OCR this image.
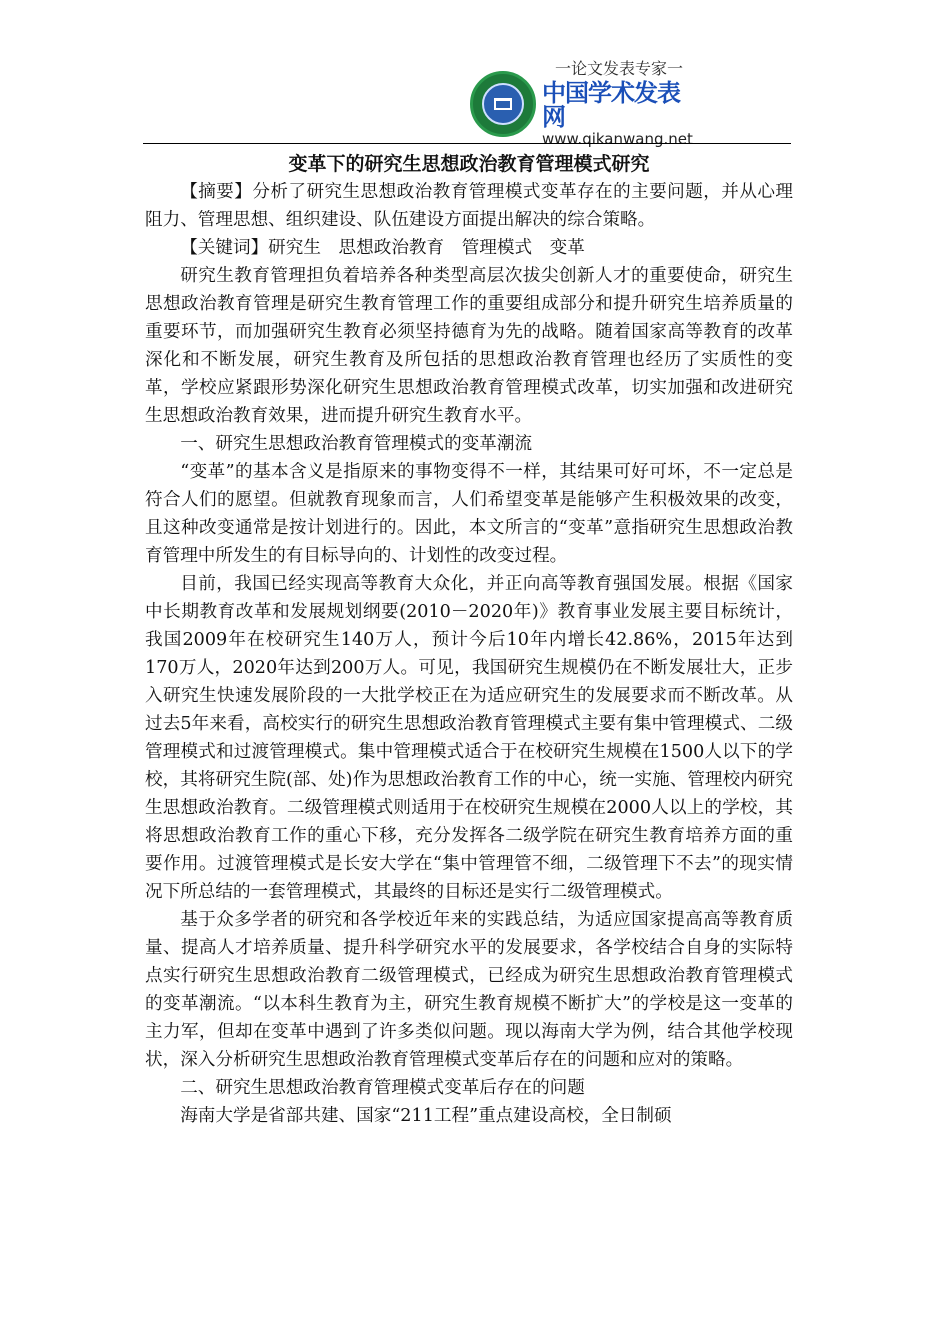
一论文发表专家一
中国学术发表网
www.qikanwang.net
变革下的研究生思想政治教育管理模式研究

【摘要】分析了研究生思想政治教育管理模式变革存在的主要问题，并从心理阻力、管理思想、组织建设、队伍建设方面提出解决的综合策略。

【关键词】研究生　思想政治教育　管理模式　变革

研究生教育管理担负着培养各种类型高层次拔尖创新人才的重要使命，研究生思想政治教育管理是研究生教育管理工作的重要组成部分和提升研究生培养质量的重要环节，而加强研究生教育必须坚持德育为先的战略。随着国家高等教育的改革深化和不断发展，研究生教育及所包括的思想政治教育管理也经历了实质性的变革，学校应紧跟形势深化研究生思想政治教育管理模式改革，切实加强和改进研究生思想政治教育效果，进而提升研究生教育水平。

一、研究生思想政治教育管理模式的变革潮流

“变革”的基本含义是指原来的事物变得不一样，其结果可好可坏，不一定总是符合人们的愿望。但就教育现象而言，人们希望变革是能够产生积极效果的改变，且这种改变通常是按计划进行的。因此，本文所言的“变革”意指研究生思想政治教育管理中所发生的有目标导向的、计划性的改变过程。

目前，我国已经实现高等教育大众化，并正向高等教育强国发展。根据《国家中长期教育改革和发展规划纲要(2010－2020年)》教育事业发展主要目标统计，我国2009年在校研究生140万人，预计今后10年内增长42.86%，2015年达到170万人，2020年达到200万人。可见，我国研究生规模仍在不断发展壮大，正步入研究生快速发展阶段的一大批学校正在为适应研究生的发展要求而不断改革。从过去5年来看，高校实行的研究生思想政治教育管理模式主要有集中管理模式、二级管理模式和过渡管理模式。集中管理模式适合于在校研究生规模在1500人以下的学校，其将研究生院(部、处)作为思想政治教育工作的中心，统一实施、管理校内研究生思想政治教育。二级管理模式则适用于在校研究生规模在2000人以上的学校，其将思想政治教育工作的重心下移，充分发挥各二级学院在研究生教育培养方面的重要作用。过渡管理模式是长安大学在“集中管理管不细，二级管理下不去”的现实情况下所总结的一套管理模式，其最终的目标还是实行二级管理模式。

基于众多学者的研究和各学校近年来的实践总结，为适应国家提高高等教育质量、提高人才培养质量、提升科学研究水平的发展要求，各学校结合自身的实际特点实行研究生思想政治教育二级管理模式，已经成为研究生思想政治教育管理模式的变革潮流。“以本科生教育为主，研究生教育规模不断扩大”的学校是这一变革的主力军，但却在变革中遇到了许多类似问题。现以海南大学为例，结合其他学校现状，深入分析研究生思想政治教育管理模式变革后存在的问题和应对的策略。

二、研究生思想政治教育管理模式变革后存在的问题

海南大学是省部共建、国家“211工程”重点建设高校，全日制硕
